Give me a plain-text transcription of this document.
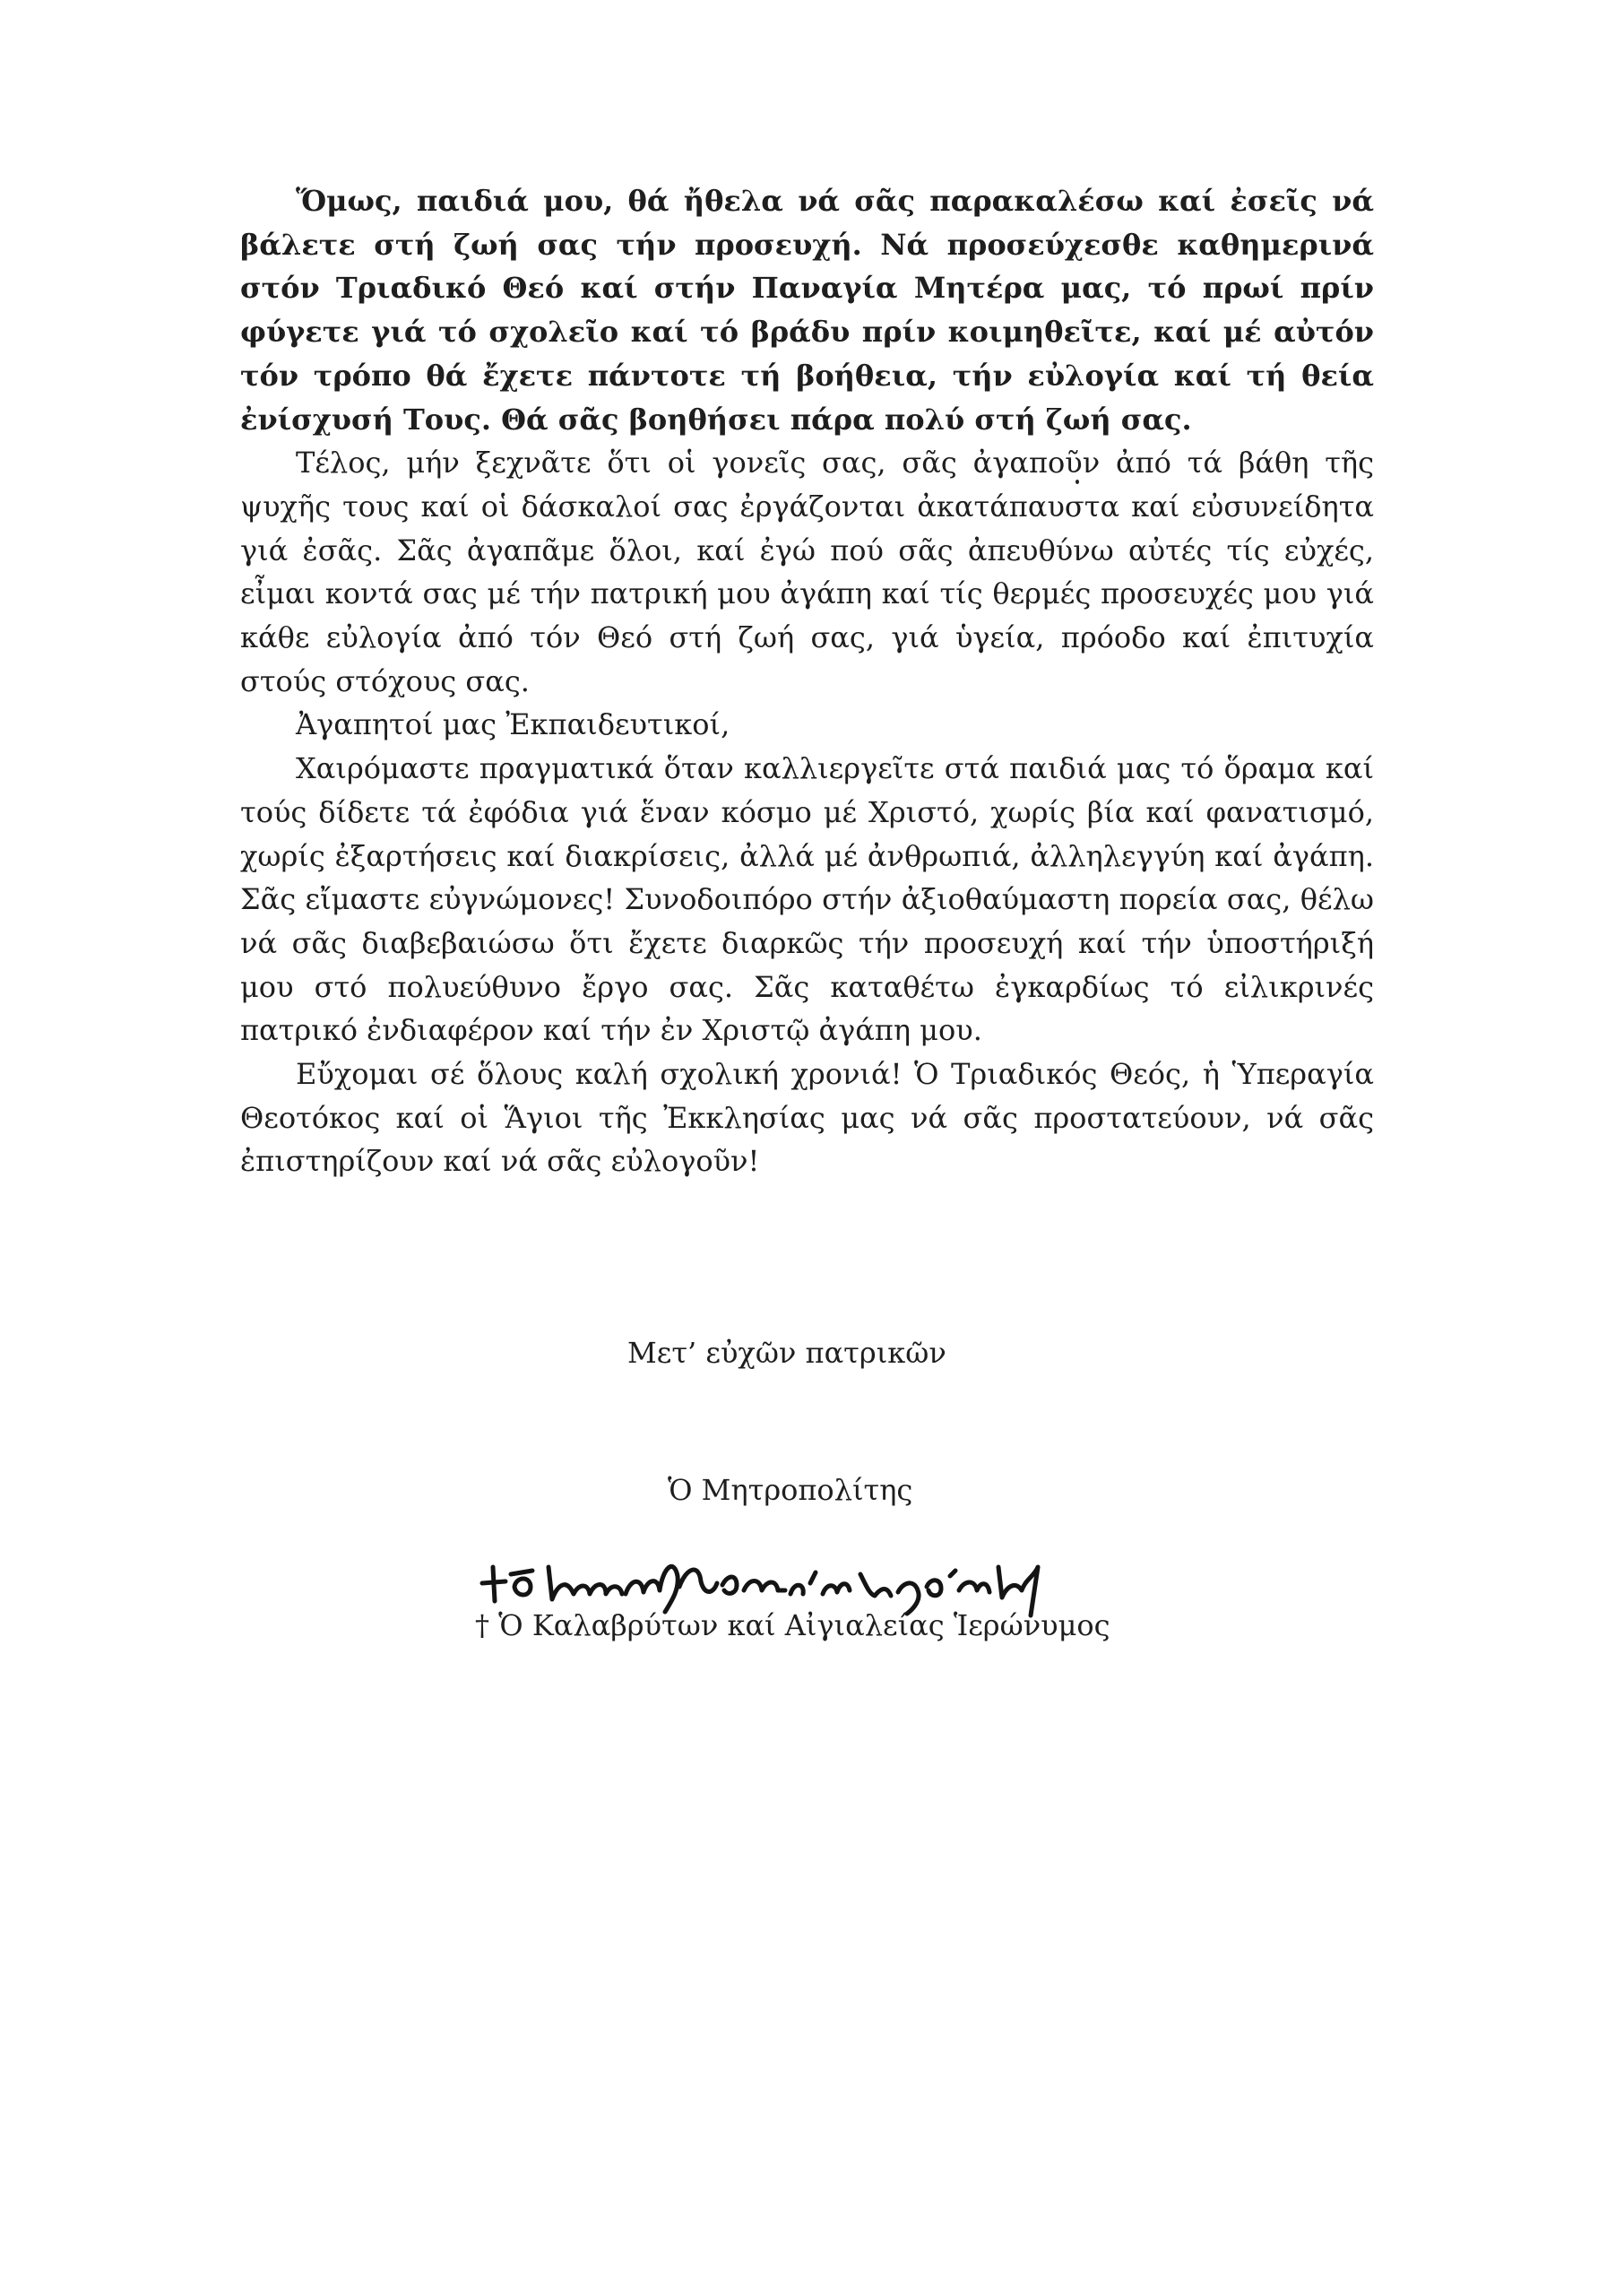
Ὅμως, παιδιά μου, θά ἤθελα νά σᾶς παρακαλέσω καί ἐσεῖς νά βάλετε στή ζωή σας τήν προσευχή. Νά προσεύχεσθε καθημερινά στόν Τριαδικό Θεό καί στήν Παναγία Μητέρα μας, τό πρωί πρίν φύγετε γιά τό σχολεῖο καί τό βράδυ πρίν κοιμηθεῖτε, καί μέ αὐτόν τόν τρόπο θά ἔχετε πάντοτε τή βοήθεια, τήν εὐλογία καί τή θεία ἐνίσχυσή Τους. Θά σᾶς βοηθήσει πάρα πολύ στή ζωή σας.

Τέλος, μήν ξεχνᾶτε ὅτι οἱ γονεῖς σας, σᾶς ἀγαποῦν ἀπό τά βάθη τῆς ψυχῆς τους καί οἱ δάσκαλοί σας ἐργάζονται ἀκατάπαυστα καί εὐσυνείδητα γιά ἐσᾶς. Σᾶς ἀγαπᾶμε ὅλοι, καί ἐγώ πού σᾶς ἀπευθύνω αὐτές τίς εὐχές, εἶμαι κοντά σας μέ τήν πατρική μου ἀγάπη καί τίς θερμές προσευχές μου γιά κάθε εὐλογία ἀπό τόν Θεό στή ζωή σας, γιά ὑγεία, πρόοδο καί ἐπιτυχία στούς στόχους σας.

Ἀγαπητοί μας Ἐκπαιδευτικοί,

Χαιρόμαστε πραγματικά ὅταν καλλιεργεῖτε στά παιδιά μας τό ὅραμα καί τούς δίδετε τά ἐφόδια γιά ἕναν κόσμο μέ Χριστό, χωρίς βία καί φανατισμό, χωρίς ἐξαρτήσεις καί διακρίσεις, ἀλλά μέ ἀνθρωπιά, ἀλληλεγγύη καί ἀγάπη. Σᾶς εἴμαστε εὐγνώμονες! Συνοδοιπόρο στήν ἀξιοθαύμαστη πορεία σας, θέλω νά σᾶς διαβεβαιώσω ὅτι ἔχετε διαρκῶς τήν προσευχή καί τήν ὑποστήριξή μου στό πολυεύθυνο ἔργο σας. Σᾶς καταθέτω ἐγκαρδίως τό εἰλικρινές πατρικό ἐνδιαφέρον καί τήν ἐν Χριστῷ ἀγάπη μου.

Εὔχομαι σέ ὅλους καλή σχολική χρονιά! Ὁ Τριαδικός Θεός, ἡ Ὑπεραγία Θεοτόκος καί οἱ Ἅγιοι τῆς Ἐκκλησίας μας νά σᾶς προστατεύουν, νά σᾶς ἐπιστηρίζουν καί νά σᾶς εὐλογοῦν!

Μετ’ εὐχῶν πατρικῶν
Ὁ Μητροπολίτης
† Ὁ Καλαβρύτων καί Αἰγιαλείας Ἱερώνυμος
